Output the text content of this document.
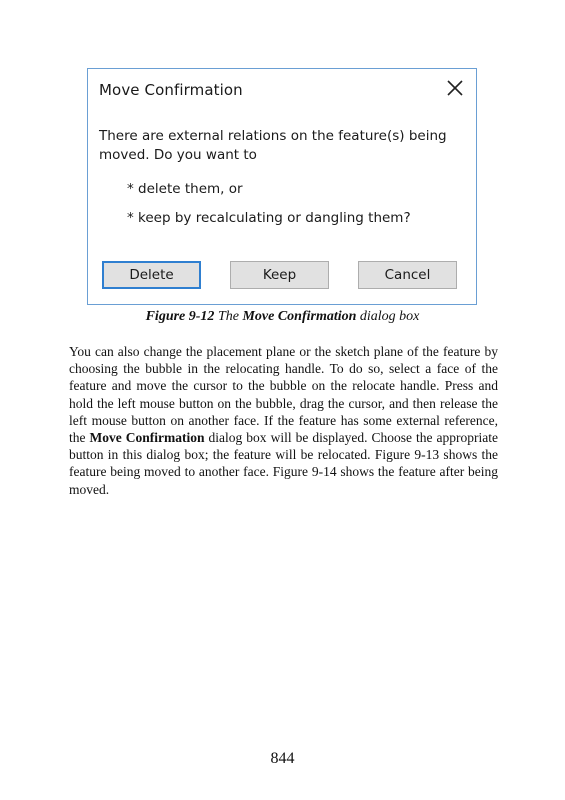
Move Confirmation
There are external relations on the feature(s) being moved. Do you want to
* delete them, or
* keep by recalculating or dangling them?
Delete	Keep	Cancel
Figure 9-12 The Move Confirmation dialog box
You can also change the placement plane or the sketch plane of the feature by choosing the bubble in the relocating handle. To do so, select a face of the feature and move the cursor to the bubble on the relocate handle. Press and hold the left mouse button on the bubble, drag the cursor, and then release the left mouse button on another face. If the feature has some external reference, the Move Confirmation dialog box will be displayed. Choose the appropriate button in this dialog box; the feature will be relocated. Figure 9-13 shows the feature being moved to another face. Figure 9-14 shows the feature after being moved.
844
